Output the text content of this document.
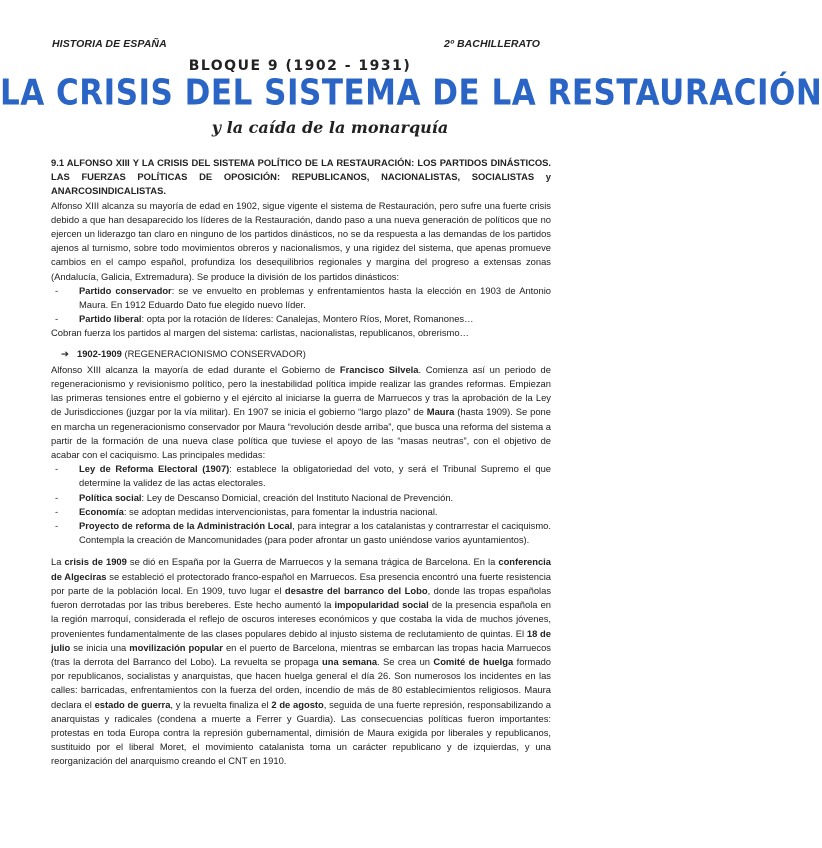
HISTORIA DE ESPAÑA	2º BACHILLERATO
BLOQUE 9 (1902 - 1931)
LA CRISIS DEL SISTEMA DE LA RESTAURACIÓN
y la caída de la monarquía

9.1 ALFONSO XIII Y LA CRISIS DEL SISTEMA POLÍTICO DE LA RESTAURACIÓN: LOS PARTIDOS DINÁSTICOS. LAS FUERZAS POLÍTICAS DE OPOSICIÓN: REPUBLICANOS, NACIONALISTAS, SOCIALISTAS y ANARCOSINDICALISTAS.

Alfonso XIII alcanza su mayoría de edad en 1902, sigue vigente el sistema de Restauración, pero sufre una fuerte crisis debido a que han desaparecido los líderes de la Restauración, dando paso a una nueva generación de políticos que no ejercen un liderazgo tan claro en ninguno de los partidos dinásticos, no se da respuesta a las demandas de los partidos ajenos al turnismo, sobre todo movimientos obreros y nacionalismos, y una rigidez del sistema, que apenas promueve cambios en el campo español, profundiza los desequilibrios regionales y margina del progreso a extensas zonas (Andalucía, Galicia, Extremadura). Se produce la división de los partidos dinásticos:

- Partido conservador: se ve envuelto en problemas y enfrentamientos hasta la elección en 1903 de Antonio Maura. En 1912 Eduardo Dato fue elegido nuevo líder.
- Partido liberal: opta por la rotación de líderes: Canalejas, Montero Ríos, Moret, Romanones…

Cobran fuerza los partidos al margen del sistema: carlistas, nacionalistas, republicanos, obrerismo…

➔ 1902-1909 (REGENERACIONISMO CONSERVADOR)

Alfonso XIII alcanza la mayoría de edad durante el Gobierno de Francisco Silvela. Comienza así un periodo de regeneracionismo y revisionismo político, pero la inestabilidad política impide realizar las grandes reformas. Empiezan las primeras tensiones entre el gobierno y el ejército al iniciarse la guerra de Marruecos y tras la aprobación de la Ley de Jurisdicciones (juzgar por la vía militar). En 1907 se inicia el gobierno “largo plazo” de Maura (hasta 1909). Se pone en marcha un regeneracionismo conservador por Maura “revolución desde arriba”, que busca una reforma del sistema a partir de la formación de una nueva clase política que tuviese el apoyo de las “masas neutras”, con el objetivo de acabar con el caciquismo. Las principales medidas:

- Ley de Reforma Electoral (1907): establece la obligatoriedad del voto, y será el Tribunal Supremo el que determine la validez de las actas electorales.
- Política social: Ley de Descanso Domicial, creación del Instituto Nacional de Prevención.
- Economía: se adoptan medidas intervencionistas, para fomentar la industria nacional.
- Proyecto de reforma de la Administración Local, para integrar a los catalanistas y contrarrestar el caciquismo. Contempla la creación de Mancomunidades (para poder afrontar un gasto uniéndose varios ayuntamientos).

La crisis de 1909 se dió en España por la Guerra de Marruecos y la semana trágica de Barcelona. En la conferencia de Algeciras se estableció el protectorado franco-español en Marruecos. Esa presencia encontró una fuerte resistencia por parte de la población local. En 1909, tuvo lugar el desastre del barranco del Lobo, donde las tropas españolas fueron derrotadas por las tribus bereberes. Este hecho aumentó la impopularidad social de la presencia española en la región marroquí, considerada el reflejo de oscuros intereses económicos y que costaba la vida de muchos jóvenes, provenientes fundamentalmente de las clases populares debido al injusto sistema de reclutamiento de quintas. El 18 de julio se inicia una movilización popular en el puerto de Barcelona, mientras se embarcan las tropas hacia Marruecos (tras la derrota del Barranco del Lobo). La revuelta se propaga una semana. Se crea un Comité de huelga formado por republicanos, socialistas y anarquistas, que hacen huelga general el día 26. Son numerosos los incidentes en las calles: barricadas, enfrentamientos con la fuerza del orden, incendio de más de 80 establecimientos religiosos. Maura declara el estado de guerra, y la revuelta finaliza el 2 de agosto, seguida de una fuerte represión, responsabilizando a anarquistas y radicales (condena a muerte a Ferrer y Guardia). Las consecuencias políticas fueron importantes: protestas en toda Europa contra la represión gubernamental, dimisión de Maura exigida por liberales y republicanos, sustituido por el liberal Moret, el movimiento catalanista toma un carácter republicano y de izquierdas, y una reorganización del anarquismo creando el CNT en 1910.
